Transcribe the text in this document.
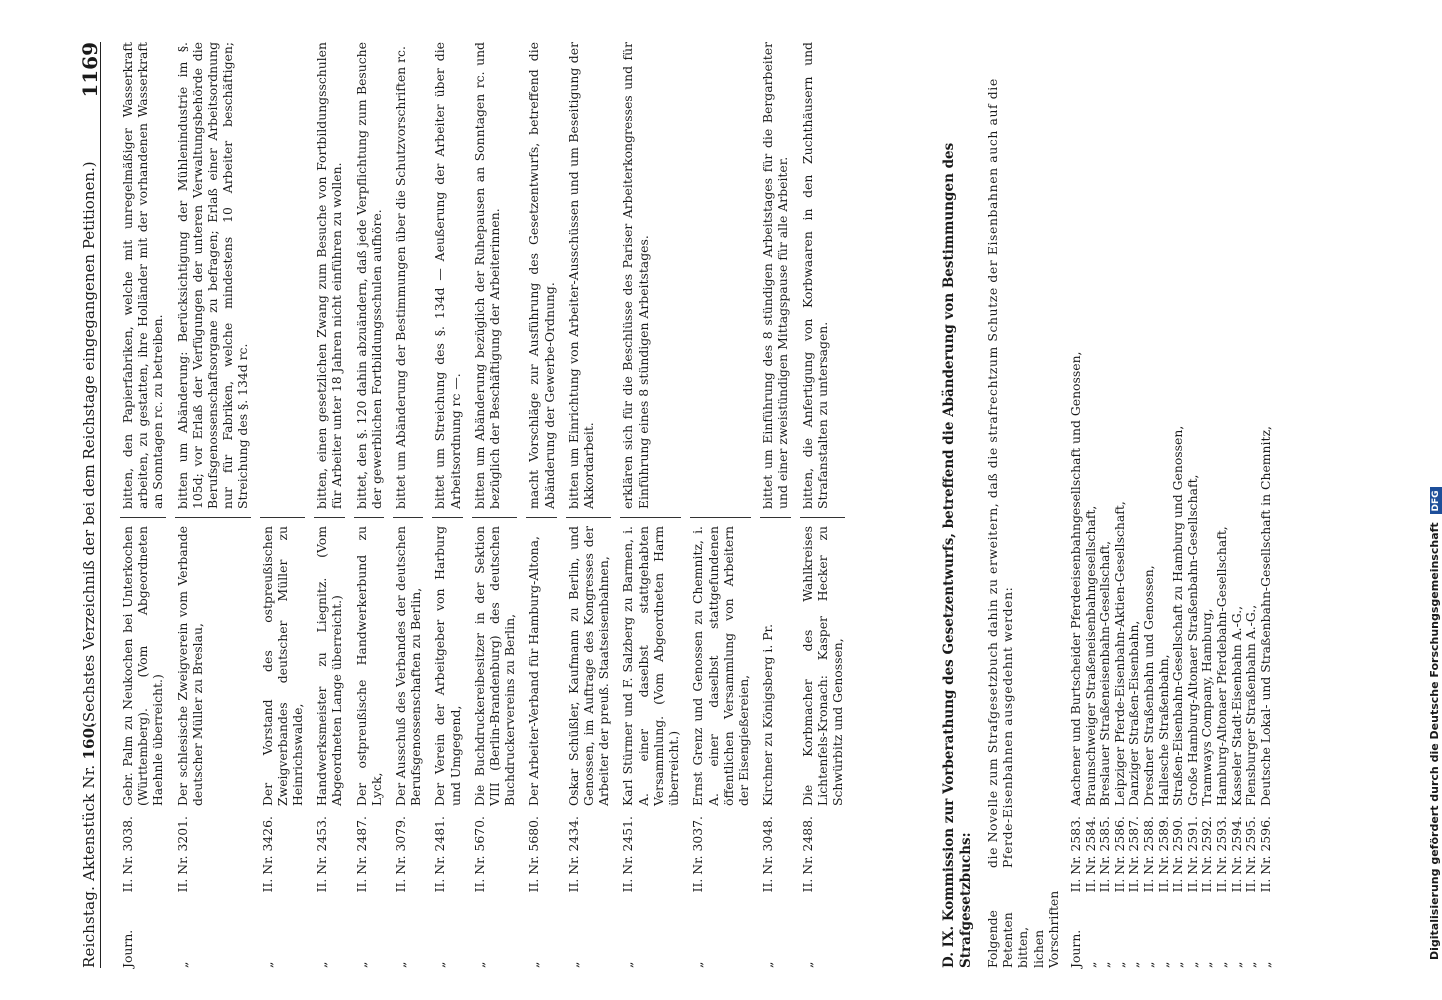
Reichstag. Aktenstück Nr. 160.
(Sechstes Verzeichniß der bei dem Reichstage eingegangenen Petitionen.)
1169
Journ.
II. Nr. 3038.
Gebr. Palm zu Neukochen bei Unterkochen (Württemberg). (Vom Abgeordneten Haehnle überreicht.)
bitten, den Papierfabriken, welche mit unregelmäßiger Wasserkraft arbeiten, zu gestatten, ihre Holländer mit der vorhandenen Wasserkraft an Sonntagen rc. zu betreiben.
„
II. Nr. 3201.
Der schlesische Zweigverein vom Verbande deutscher Müller zu Breslau,
bitten um Abänderung: Berücksichtigung der Mühlenindustrie im §. 105d; vor Erlaß der Verfügungen der unteren Verwaltungsbehörde die Berufsgenossenschaftsorgane zu befragen; Erlaß einer Arbeitsordnung nur für Fabriken, welche mindestens 10 Arbeiter beschäftigen; Streichung des §. 134d rc.
„
II. Nr. 3426.
Der Vorstand des ostpreußischen Zweigverbandes deutscher Müller zu Heinrichswalde,
„
II. Nr. 2453.
Handwerksmeister zu Liegnitz. (Vom Abgeordneten Lange überreicht.)
bitten, einen gesetzlichen Zwang zum Besuche von Fortbildungsschulen für Arbeiter unter 18 Jahren nicht einführen zu wollen.
„
II. Nr. 2487.
Der ostpreußische Handwerkerbund zu Lyck,
bittet, den §. 120 dahin abzuändern, daß jede Verpflichtung zum Besuche der gewerblichen Fortbildungsschulen aufhöre.
„
II. Nr. 3079.
Der Ausschuß des Verbandes der deutschen Berufsgenossenschaften zu Berlin,
bittet um Abänderung der Bestimmungen über die Schutzvorschriften rc.
„
II. Nr. 2481.
Der Verein der Arbeitgeber von Harburg und Umgegend,
bittet um Streichung des §. 134d — Aeußerung der Arbeiter über die Arbeitsordnung rc —.
„
II. Nr. 5670.
Die Buchdruckereibesitzer in der Sektion VIII (Berlin-Brandenburg) des deutschen Buchdruckervereins zu Berlin,
bitten um Abänderung bezüglich der Ruhepausen an Sonntagen rc. und bezüglich der Beschäftigung der Arbeiterinnen.
„
II. Nr. 5680.
Der Arbeiter-Verband für Hamburg-Altona,
macht Vorschläge zur Ausführung des Gesetzentwurfs, betreffend die Abänderung der Gewerbe-Ordnung.
„
II. Nr. 2434.
Oskar Schüßler, Kaufmann zu Berlin, und Genossen, im Auftrage des Kongresses der Arbeiter der preuß. Staatseisenbahnen,
bitten um Einrichtung von Arbeiter-Ausschüssen und um Beseitigung der Akkordarbeit.
„
II. Nr. 2451.
Karl Stürmer und F. Salzberg zu Barmen, i. A. einer daselbst stattgehabten Versammlung. (Vom Abgeordneten Harm überreicht.)
erklären sich für die Beschlüsse des Pariser Arbeiterkongresses und für Einführung eines 8 stündigen Arbeitstages.
„
II. Nr. 3037.
Ernst Grenz und Genossen zu Chemnitz, i. A. einer daselbst stattgefundenen öffentlichen Versammlung von Arbeitern der Eisengießereien,
„
II. Nr. 3048.
Kirchner zu Königsberg i. Pr.
bittet um Einführung des 8 stündigen Arbeitstages für die Bergarbeiter und einer zweistündigen Mittagspause für alle Arbeiter.
„
II. Nr. 2488.
Die Korbmacher des Wahlkreises Lichtenfels-Kronach: Kasper Hecker zu Schwürbitz und Genossen,
bitten, die Anfertigung von Korbwaaren in den Zuchthäusern und Strafanstalten zu untersagen.	D. IX. Kommission zur Vorberathung des Gesetzentwurfs, betreffend die Abänderung von Bestimmungen des Strafgesetzbuchs: Folgende Petenten bitten, lichen Vorschriften
die Novelle zum Strafgesetzbuch dahin zu erweitern, daß die strafrechtzum Schutze der Eisenbahnen auch auf die Pferde-Eisenbahnen ausgedehnt werden:
Journ.
II. Nr. 2583.
Aachener und Burtscheider Pferdeeisenbahngesellschaft und Genossen,
„
II. Nr. 2584.
Braunschweiger Straßeneisenbahngesellschaft,
„
II. Nr. 2585.
Breslauer Straßeneisenbahn-Gesellschaft,
„
II. Nr. 2586.
Leipziger Pferde-Eisenbahn-Aktien-Gesellschaft,
„
II. Nr. 2587.
Danziger Straßen-Eisenbahn,
„
II. Nr. 2588.
Dresdner Straßenbahn und Genossen,
„
II. Nr. 2589.
Hallesche Straßenbahn,
„
II. Nr. 2590.
Straßen-Eisenbahn-Gesellschaft zu Hamburg und Genossen,
„
II. Nr. 2591.
Große Hamburg-Altonaer Straßenbahn-Gesellschaft,
„
II. Nr. 2592.
Tramways Company, Hamburg,
„
II. Nr. 2593.
Hamburg-Altonaer Pferdebahn-Gesellschaft,
„
II. Nr. 2594.
Kasseler Stadt-Eisenbahn A.-G.,
„
II. Nr. 2595.
Flensburger Straßenbahn A.-G.,
„
II. Nr. 2596.
Deutsche Lokal- und Straßenbahn-Gesellschaft in Chemnitz,	Digitalisierung gefördert durch die Deutsche Forschungsgemeinschaft DFG
